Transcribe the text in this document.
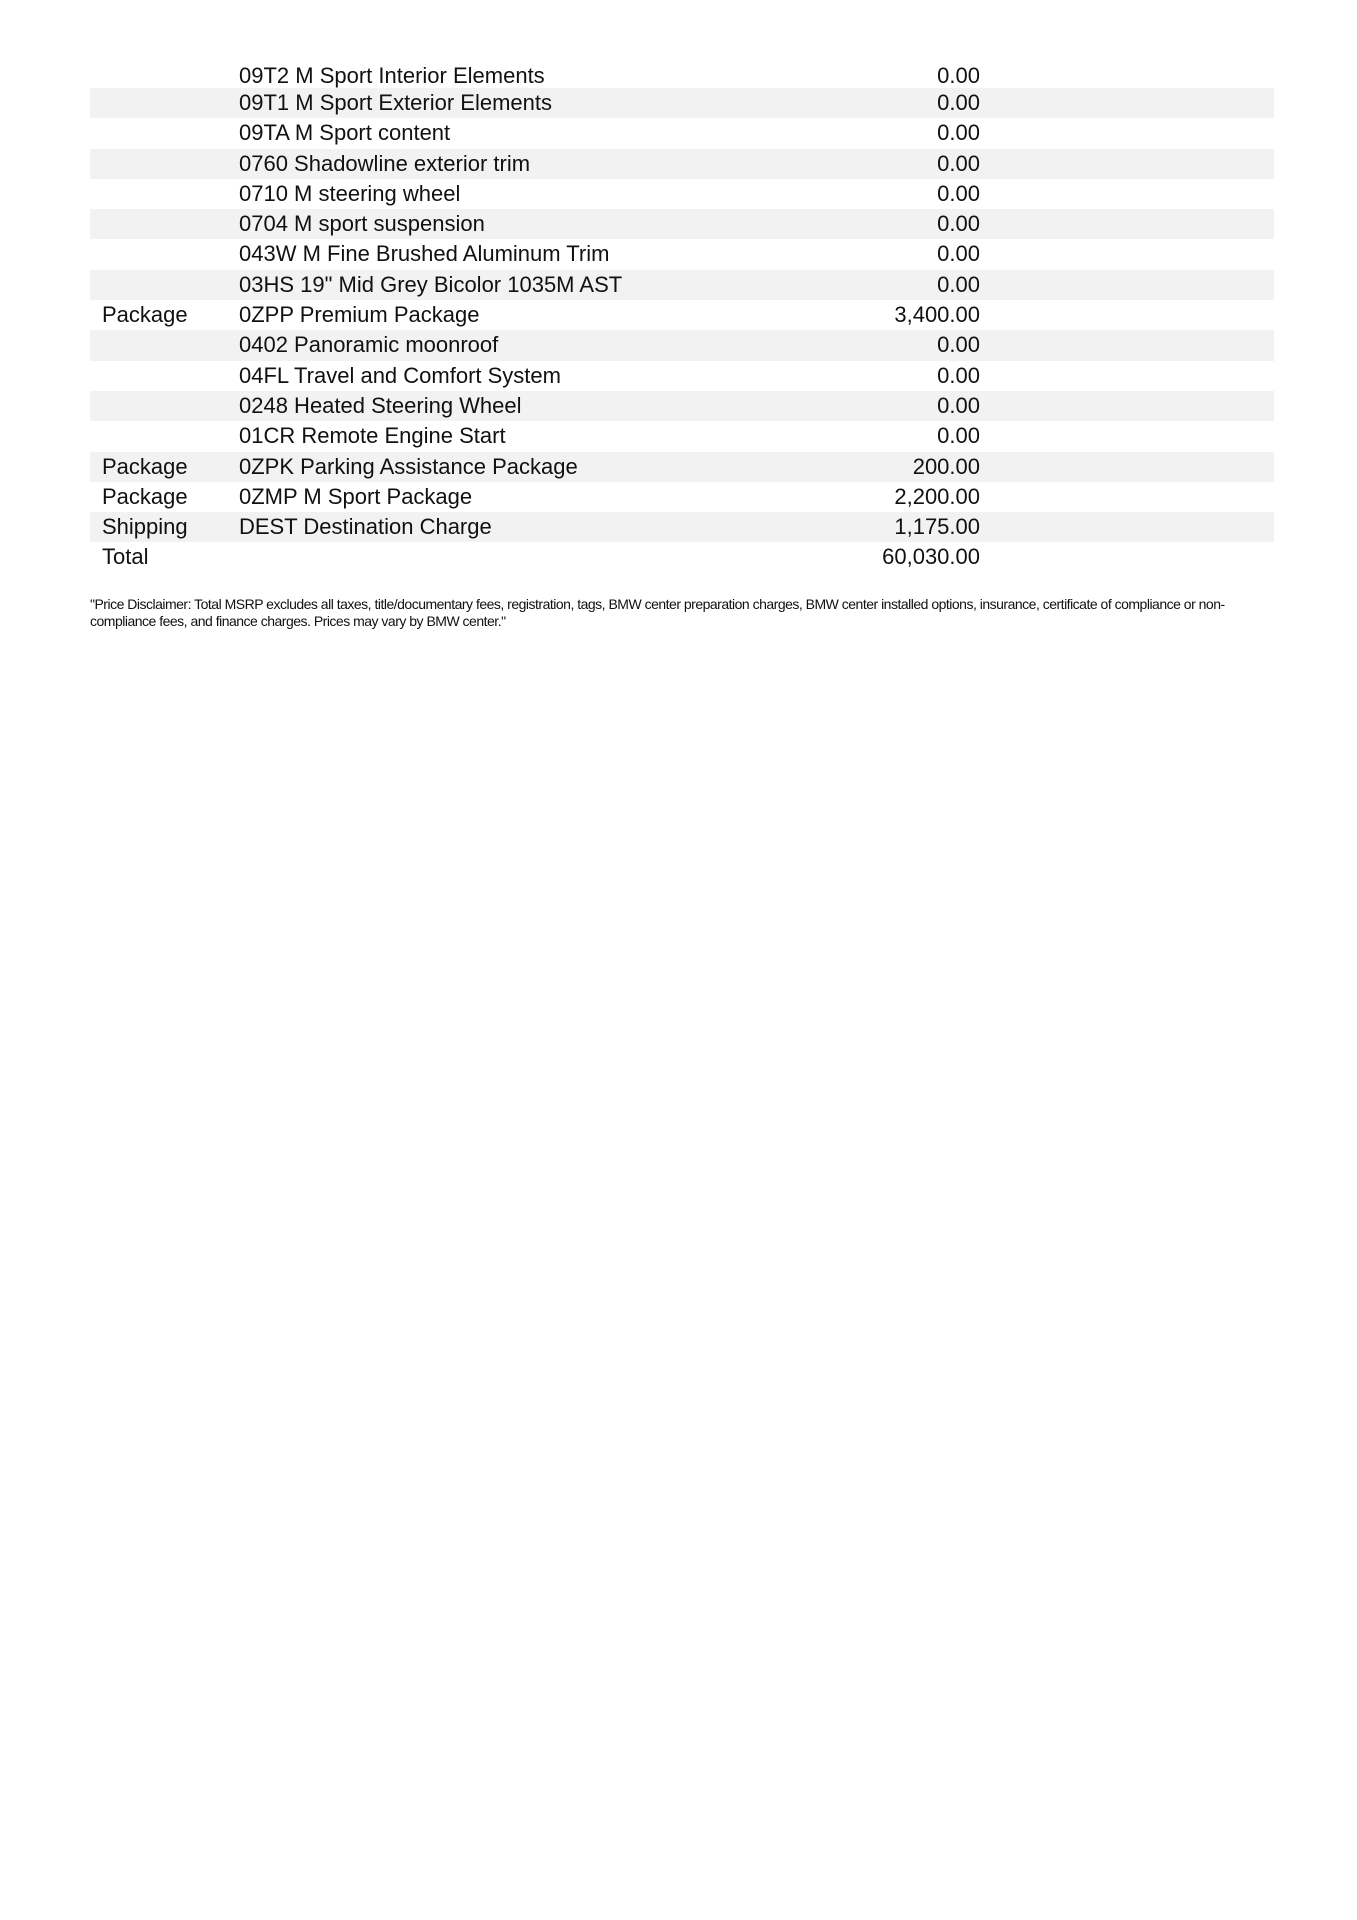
09T2 M Sport Interior Elements	0.00
09T1 M Sport Exterior Elements	0.00
09TA M Sport content	0.00
0760 Shadowline exterior trim	0.00
0710 M steering wheel	0.00
0704 M sport suspension	0.00
043W M Fine Brushed Aluminum Trim	0.00
03HS 19" Mid Grey Bicolor 1035M AST	0.00
Package 0ZPP Premium Package	3,400.00
0402 Panoramic moonroof	0.00
04FL Travel and Comfort System	0.00
0248 Heated Steering Wheel	0.00
01CR Remote Engine Start	0.00
Package 0ZPK Parking Assistance Package	200.00
Package 0ZMP M Sport Package	2,200.00
Shipping DEST Destination Charge	1,175.00
Total	60,030.00
"Price Disclaimer: Total MSRP excludes all taxes, title/documentary fees, registration, tags, BMW center preparation charges, BMW center installed options, insurance, certificate of compliance or non-compliance fees, and finance charges. Prices may vary by BMW center."
